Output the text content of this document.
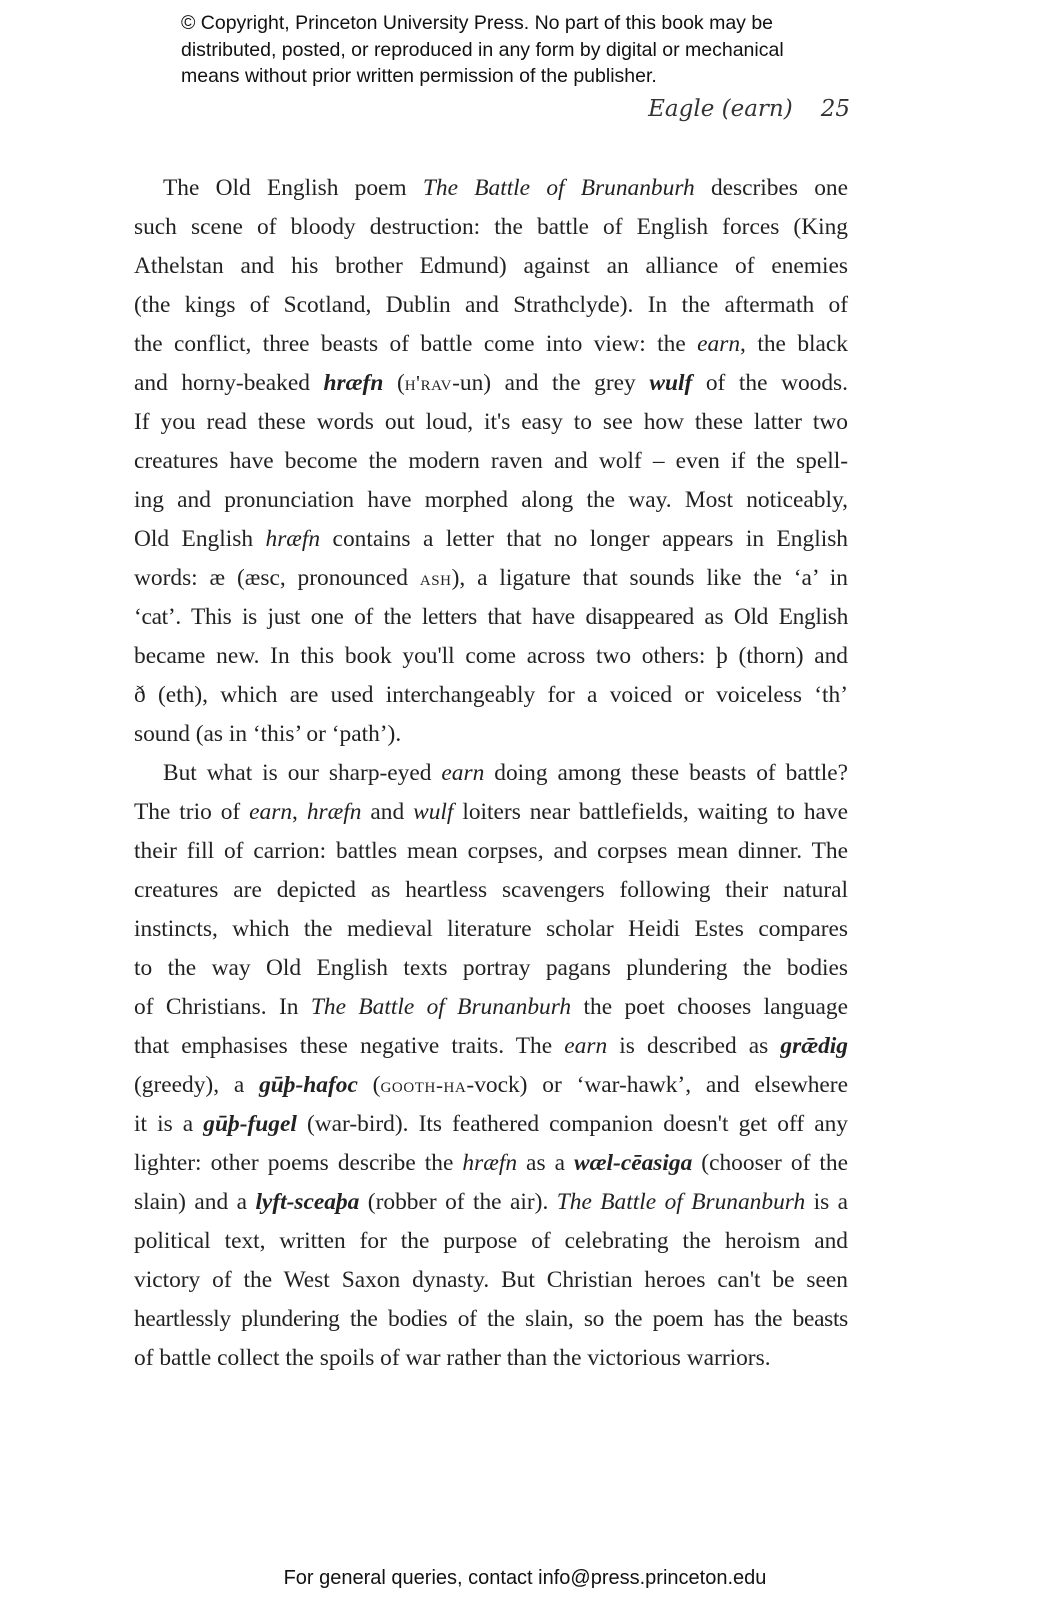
© Copyright, Princeton University Press. No part of this book may be
distributed, posted, or reproduced in any form by digital or mechanical
means without prior written permission of the publisher.
Eagle (earn) 25

The Old English poem The Battle of Brunanburh describes one
such scene of bloody destruction: the battle of English forces (King
Athelstan and his brother Edmund) against an alliance of enemies
(the kings of Scotland, Dublin and Strathclyde). In the aftermath of
the conflict, three beasts of battle come into view: the earn, the black
and horny-beaked hræfn (h'rav-un) and the grey wulf of the woods.
If you read these words out loud, it's easy to see how these latter two
creatures have become the modern raven and wolf – even if the spell-
ing and pronunciation have morphed along the way. Most noticeably,
Old English hræfn contains a letter that no longer appears in English
words: æ (æsc, pronounced ash), a ligature that sounds like the ‘a’ in
‘cat’. This is just one of the letters that have disappeared as Old English
became new. In this book you'll come across two others: þ (thorn) and
ð (eth), which are used interchangeably for a voiced or voiceless ‘th’
sound (as in ‘this’ or ‘path’).

But what is our sharp-eyed earn doing among these beasts of battle?
The trio of earn, hræfn and wulf loiters near battlefields, waiting to have
their fill of carrion: battles mean corpses, and corpses mean dinner. The
creatures are depicted as heartless scavengers following their natural
instincts, which the medieval literature scholar Heidi Estes compares
to the way Old English texts portray pagans plundering the bodies
of Christians. In The Battle of Brunanburh the poet chooses language
that emphasises these negative traits. The earn is described as grǣdig
(greedy), a gūþ-hafoc (gooth-ha-vock) or ‘war-hawk’, and elsewhere
it is a gūþ-fugel (war-bird). Its feathered companion doesn't get off any
lighter: other poems describe the hræfn as a wæl-cēasiga (chooser of the
slain) and a lyft-sceaþa (robber of the air). The Battle of Brunanburh is a
political text, written for the purpose of celebrating the heroism and
victory of the West Saxon dynasty. But Christian heroes can't be seen
heartlessly plundering the bodies of the slain, so the poem has the beasts
of battle collect the spoils of war rather than the victorious warriors.

For general queries, contact info@press.princeton.edu
